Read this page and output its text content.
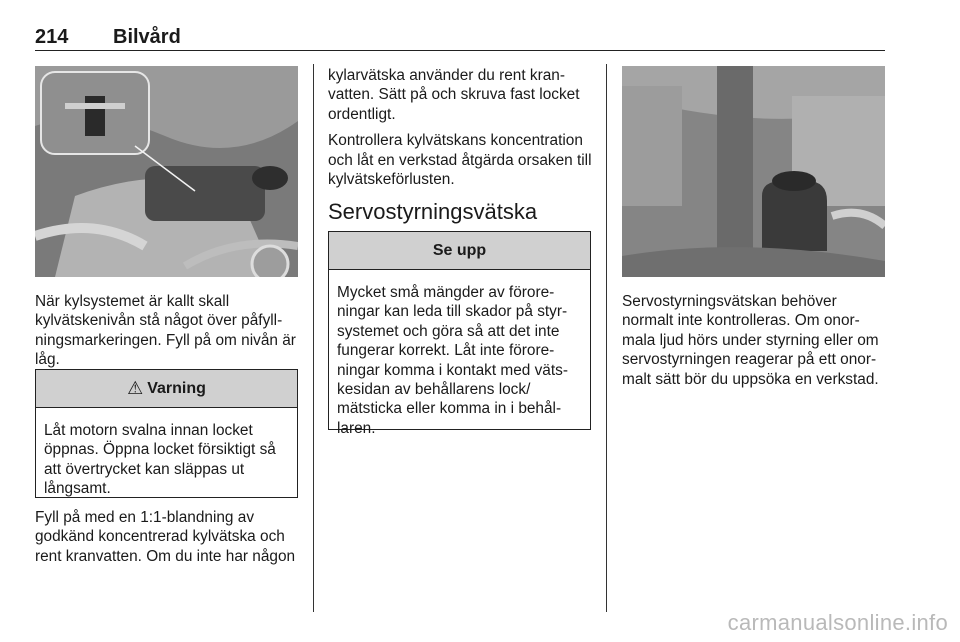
214 Bilvård

När kylsystemet är kallt skall kylvätskenivån stå något över påfyllningsmarkeringen. Fyll på om nivån är låg.

⚠ Varning
Låt motorn svalna innan locket öppnas. Öppna locket försiktigt så att övertrycket kan släppas ut långsamt.

Fyll på med en 1:1-blandning av godkänd koncentrerad kylvätska och rent kranvatten. Om du inte har någon

kylarvätska använder du rent kranvatten. Sätt på och skruva fast locket ordentligt.

Kontrollera kylvätskans koncentration och låt en verkstad åtgärda orsaken till kylvätskeförlusten.

Servostyrningsvätska
Se upp
Mycket små mängder av föroreningar kan leda till skador på styrsystemet och göra så att det inte fungerar korrekt. Låt inte föroreningar komma i kontakt med vätskesidan av behållarens lock/ mätsticka eller komma in i behållaren.

Servostyrningsvätskan behöver normalt inte kontrolleras. Om onormala ljud hörs under styrning eller om servostyrningen reagerar på ett onormalt sätt bör du uppsöka en verkstad.

carmanualsonline.info
